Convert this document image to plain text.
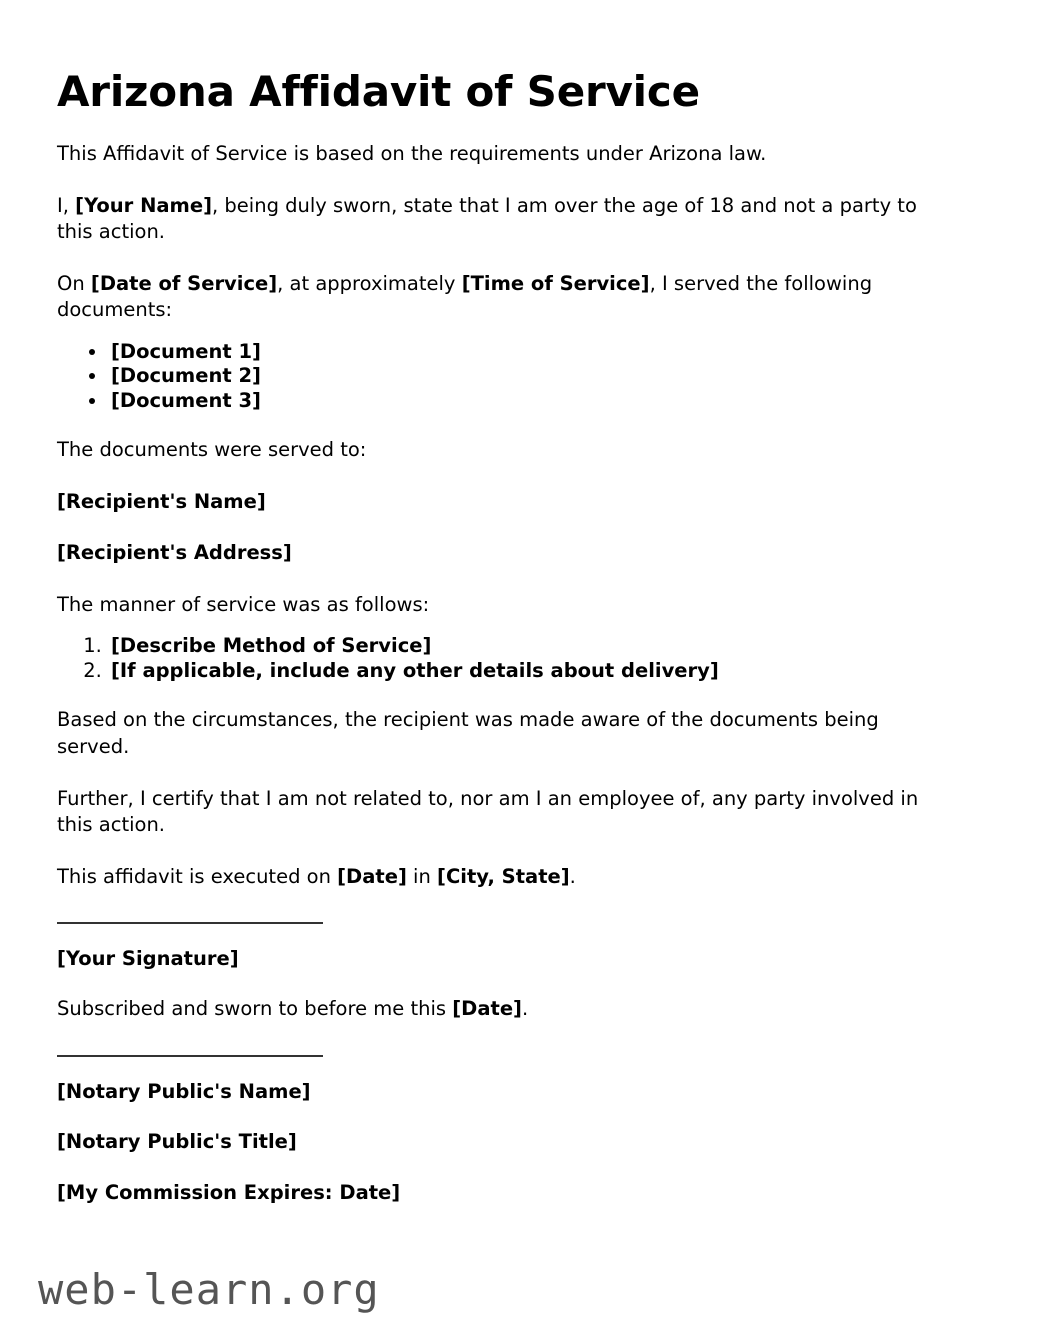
Arizona Affidavit of Service

This Affidavit of Service is based on the requirements under Arizona law.

I, [Your Name], being duly sworn, state that I am over the age of 18 and not a party to this action.

On [Date of Service], at approximately [Time of Service], I served the following documents:

• [Document 1]
• [Document 2]
• [Document 3]

The documents were served to:

[Recipient's Name]

[Recipient's Address]

The manner of service was as follows:

1. [Describe Method of Service]
2. [If applicable, include any other details about delivery]

Based on the circumstances, the recipient was made aware of the documents being served.

Further, I certify that I am not related to, nor am I an employee of, any party involved in this action.

This affidavit is executed on [Date] in [City, State].

[Your Signature]

Subscribed and sworn to before me this [Date].

[Notary Public's Name]

[Notary Public's Title]

[My Commission Expires: Date]

web-learn.org
